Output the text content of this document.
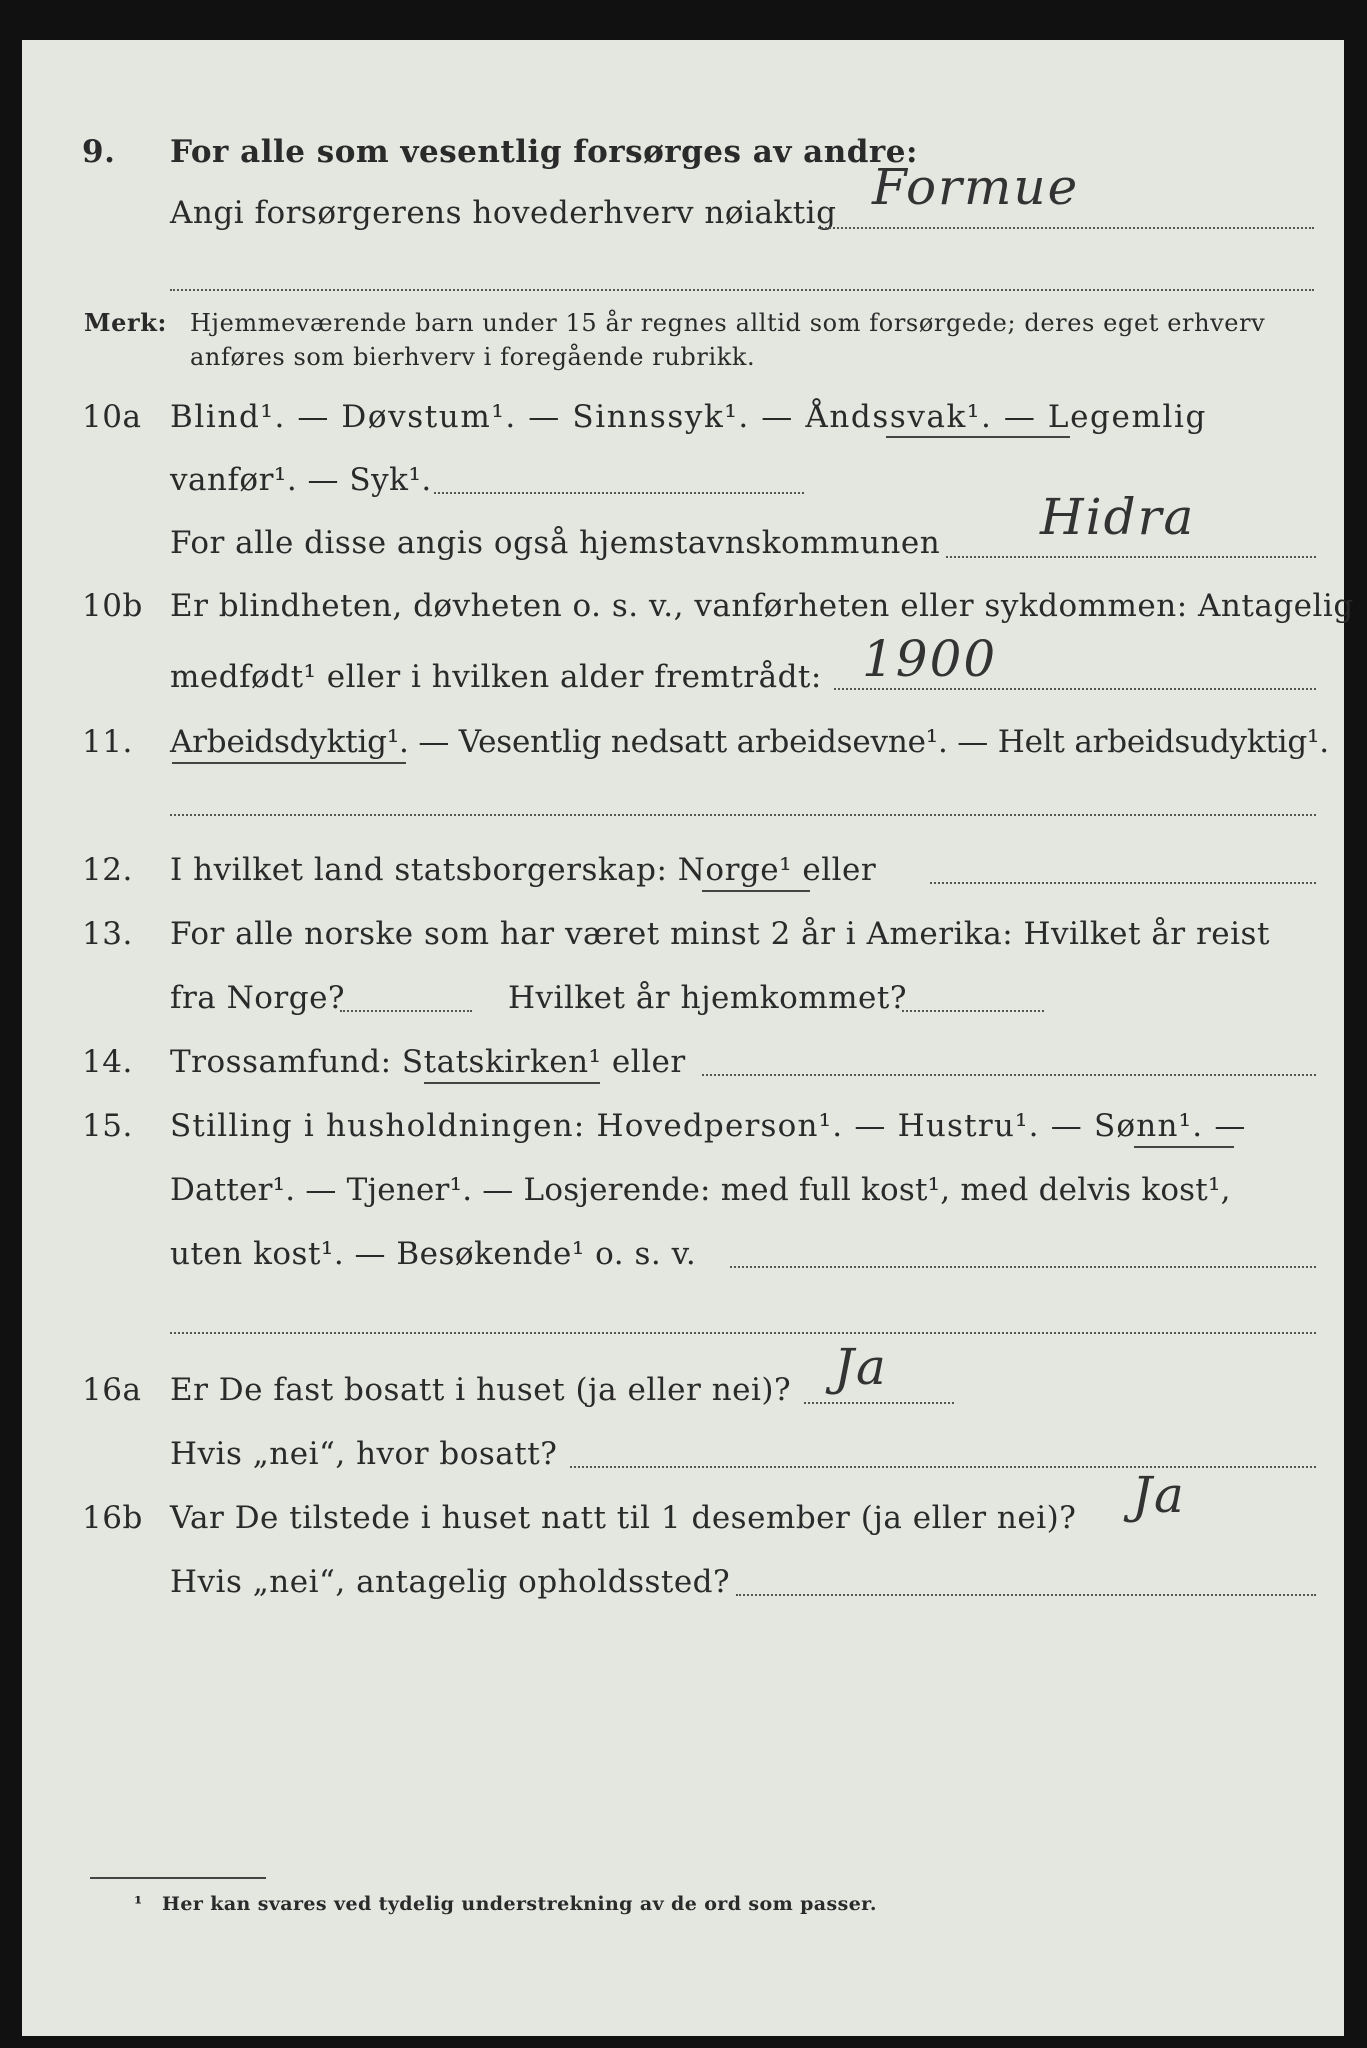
9. For alle som vesentlig forsørges av andre:
Angi forsørgerens hovederhverv nøiaktig Formue
Merk: Hjemmeværende barn under 15 år regnes alltid som forsørgede; deres eget erhverv
anføres som bierhverv i foregående rubrikk.
10a Blind¹. — Døvstum¹. — Sinnssyk¹. — Åndssvak¹. — Legemlig
vanfør¹. — Syk¹.
For alle disse angis også hjemstavnskommunen Hidra
10b Er blindheten, døvheten o. s. v., vanførheten eller sykdommen: Antagelig
medfødt¹ eller i hvilken alder fremtrådt: 1900
11. Arbeidsdyktig¹. — Vesentlig nedsatt arbeidsevne¹. — Helt arbeidsudyktig¹.
12. I hvilket land statsborgerskap: Norge¹ eller
13. For alle norske som har været minst 2 år i Amerika: Hvilket år reist
fra Norge?	Hvilket år hjemkommet?
14. Trossamfund: Statskirken¹ eller
15. Stilling i husholdningen: Hovedperson¹. — Hustru¹. — Sønn¹. —
Datter¹. — Tjener¹. — Losjerende: med full kost¹, med delvis kost¹,
uten kost¹. — Besøkende¹ o. s. v.
16a Er De fast bosatt i huset (ja eller nei)? Ja
Hvis „nei“, hvor bosatt?
16b Var De tilstede i huset natt til 1 desember (ja eller nei)? Ja
Hvis „nei“, antagelig opholdssted?
¹ Her kan svares ved tydelig understrekning av de ord som passer.
